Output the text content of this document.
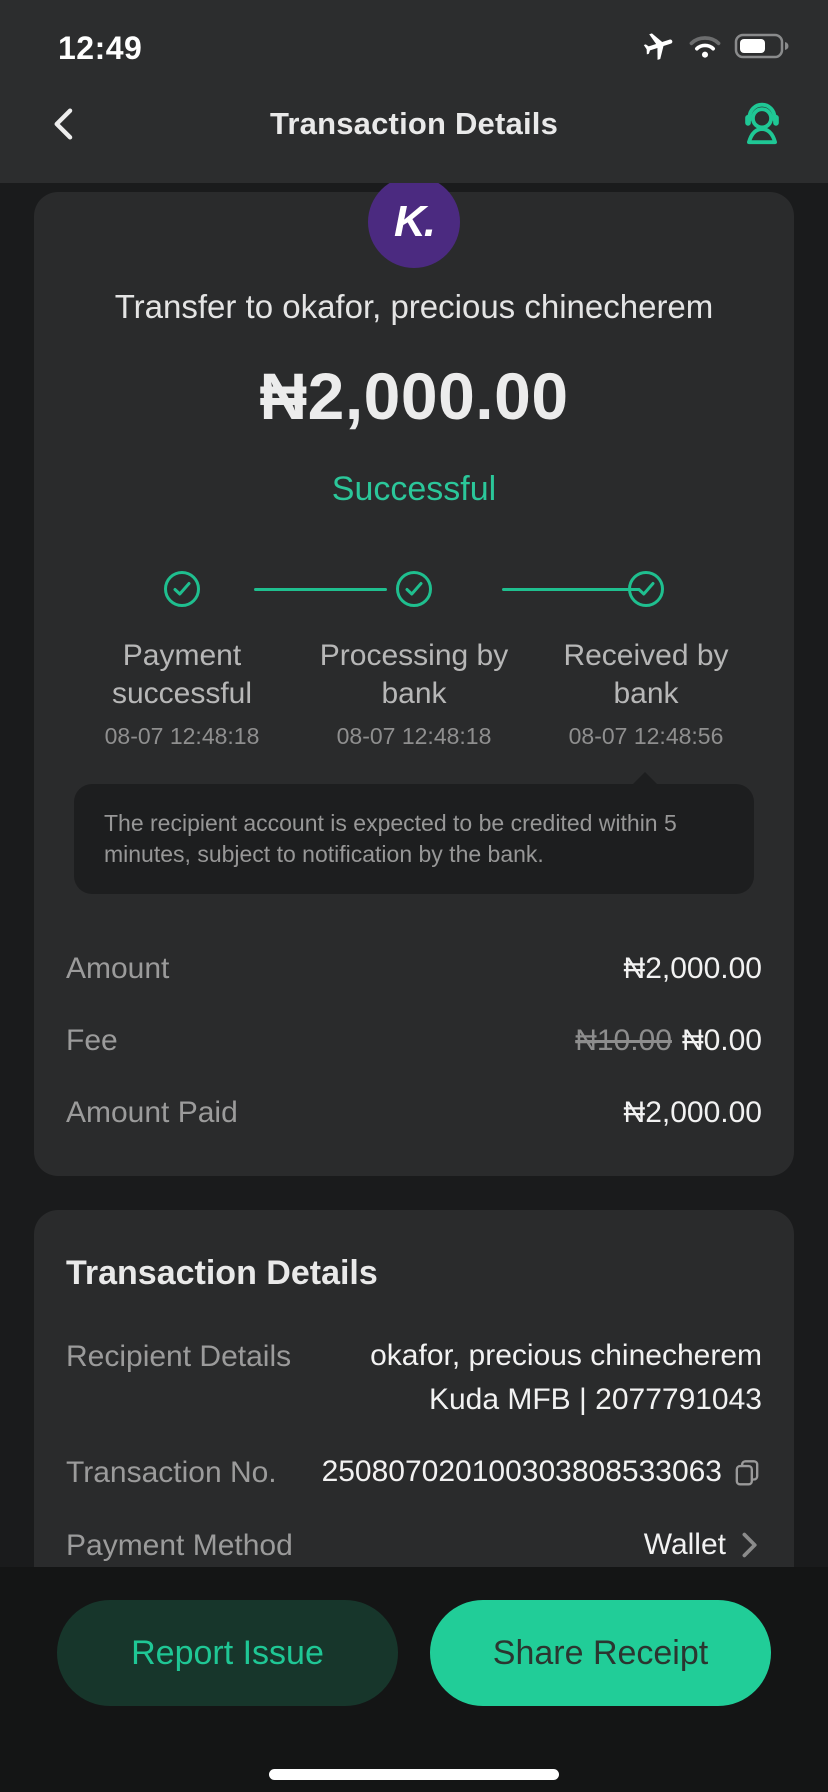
12:49
Transaction Details
K.
Transfer to okafor, precious chinecherem
₦2,000.00
Successful
Payment successful
08-07 12:48:18
Processing by bank
08-07 12:48:18
Received by bank
08-07 12:48:56
The recipient account is expected to be credited within 5 minutes, subject to notification by the bank.
Amount	₦2,000.00
Fee	₦10.00 ₦0.00
Amount Paid	₦2,000.00
Transaction Details
Recipient Details	okafor, precious chinecherem
Kuda MFB | 2077791043
Transaction No. 250807020100303808533063
Payment Method	Wallet
Report Issue	Share Receipt
